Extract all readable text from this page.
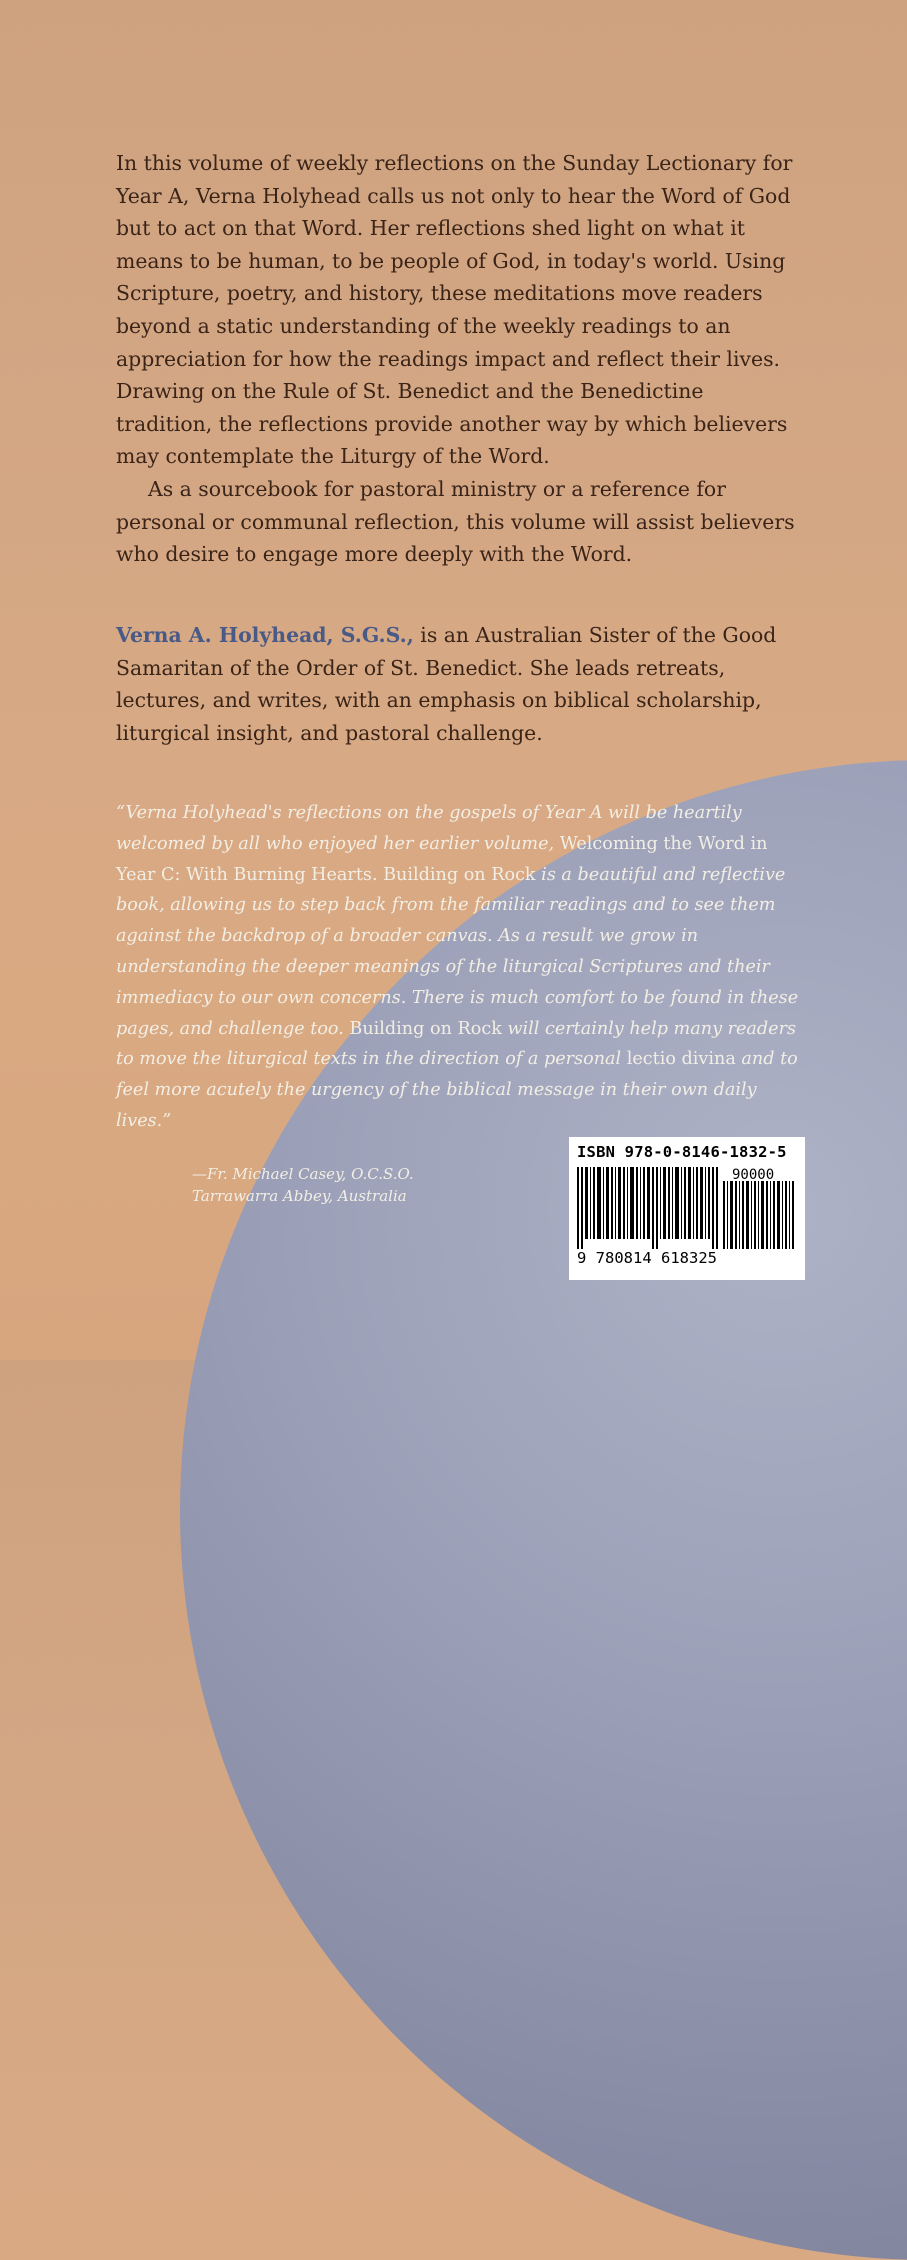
In this volume of weekly reflections on the Sunday Lectionary for Year A, Verna Holyhead calls us not only to hear the Word of God but to act on that Word. Her reflections shed light on what it means to be human, to be people of God, in today's world. Using Scripture, poetry, and history, these meditations move readers beyond a static understanding of the weekly readings to an appreciation for how the readings impact and reflect their lives. Drawing on the Rule of St. Benedict and the Benedictine tradition, the reflections provide another way by which believers may contemplate the Liturgy of the Word.

As a sourcebook for pastoral ministry or a reference for personal or communal reflection, this volume will assist believers who desire to engage more deeply with the Word.

Verna A. Holyhead, S.G.S., is an Australian Sister of the Good Samaritan of the Order of St. Benedict. She leads retreats, lectures, and writes, with an emphasis on biblical scholarship, liturgical insight, and pastoral challenge.

“Verna Holyhead's reflections on the gospels of Year A will be heartily welcomed by all who enjoyed her earlier volume, Welcoming the Word in Year C: With Burning Hearts. Building on Rock is a beautiful and reflective book, allowing us to step back from the familiar readings and to see them against the backdrop of a broader canvas. As a result we grow in understanding the deeper meanings of the liturgical Scriptures and their immediacy to our own concerns. There is much comfort to be found in these pages, and challenge too. Building on Rock will certainly help many readers to move the liturgical texts in the direction of a personal lectio divina and to feel more acutely the urgency of the biblical message in their own daily lives.”
—Fr. Michael Casey, O.C.S.O.
Tarrawarra Abbey, Australia
ISBN 978-0-8146-1832-5
90000
9 780814 618325
